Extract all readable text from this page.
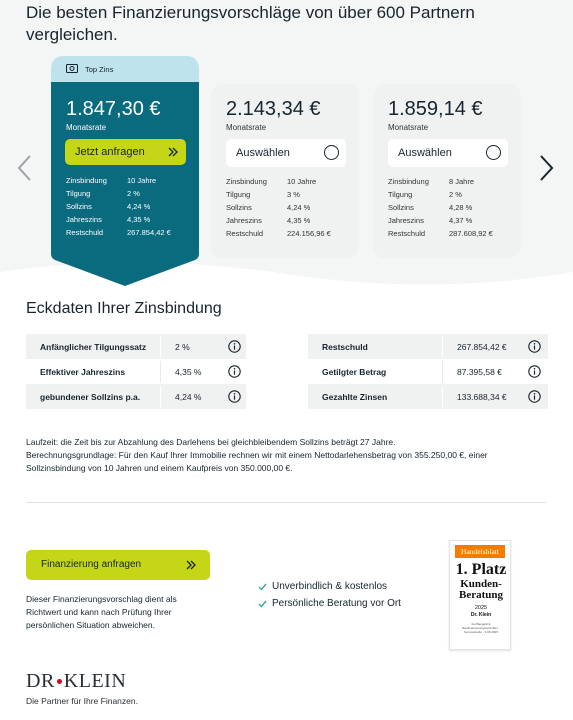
Die besten Finanzierungsvorschläge von über 600 Partnern vergleichen.
Top Zins
1.847,30 €
Monatsrate
Jetzt anfragen
Zinsbindung	10 Jahre
Tilgung	2 %
Sollzins	4,24 %
Jahreszins	4,35 %
Restschuld	267.854,42 €
2.143,34 €
Monatsrate
Auswählen
Zinsbindung	10 Jahre
Tilgung	3 %
Sollzins	4,24 %
Jahreszins	4,35 %
Restschuld	224.156,96 €
1.859,14 €
Monatsrate
Auswählen
Zinsbindung	8 Jahre
Tilgung	2 %
Sollzins	4,28 %
Jahreszins	4,37 %
Restschuld	287.608,92 €
Eckdaten Ihrer Zinsbindung
Anfänglicher Tilgungssatz	2 %
Effektiver Jahreszins	4,35 %
gebundener Sollzins p.a.	4,24 %
Restschuld	267.854,42 €
Getilgter Betrag	87.395,58 €
Gezahlte Zinsen	133.688,34 €
Laufzeit: die Zeit bis zur Abzahlung des Darlehens bei gleichbleibendem Sollzins beträgt 27 Jahre.
Berechnungsgrundlage: Für den Kauf Ihrer Immobilie rechnen wir mit einem Nettodarlehensbetrag von 355.250,00 €, einer Sollzinsbindung von 10 Jahren und einem Kaufpreis von 350.000,00 €.
Finanzierung anfragen
Dieser Finanzierungsvorschlag dient als Richtwert und kann nach Prüfung Ihrer persönlichen Situation abweichen.
Unverbindlich & kostenlos
Persönliche Beratung vor Ort
Handelsblatt
1. Platz
Kunden-
Beratung
2025
Dr. Klein
bei Baugeld & Baufinanzierungsvermittler · Servicestudie · 3.06.2025
DR KLEIN
Die Partner für Ihre Finanzen.
